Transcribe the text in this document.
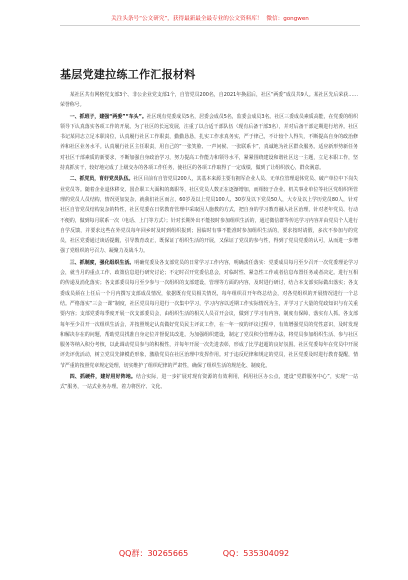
关注头条号“公文研究”，获得最新最全最专业的公文资料库！ 微信：gongwen
基层党建拉练工作汇报材料

某社区共有网格党支部3个、非公企业党支部1个，自管党员200名，自2021年换届后，社区“两委”成员共9人。某社区先后荣获……荣誉称号。

一、抓班子，建强“两委”“车头”。社区现有党委成员5名，居委会成员5名，监委会成员3名。社区三委成员素质高能，在党委的组织领导下认真落实各项工作的开展。为了社区的长远发展，注重了以合适干部队伍（现有后备干部3名），并对后备干部定期进行培养。社区书记某同志立足本职岗位，认真履行社区工作职责，勤勤恳恳，扎实工作求真务实，严于律己，不计较个人得失，不断提高自身的政治修养和社区业务水平。认真履行社区主任职责，用自己的“一张笑脸、一声问候、一张联系卡”，真诚地为社区群众服务。适应新形势新任务对社区干部素质的新要求，不断加强自身政治学习，努力提高工作能力和领导水平，紧紧围绕建设和谐社区这一主题，立足本职工作，坚持真抓实干，较好地完成了上级交办的各项工作任务，使社区的各项工作取得了一定成绩，做到了让组织放心，群众满意。

二、抓党员，育好党员队伍。社区目前有自管党员200人，其基本来源主要有拥军企业人员、无单位管理退休党员、破产单位中下岗失业党员等。随着企业退休移交、国企职工大面积的离职等，社区党员人数正在逐渐增加，而相较于企业、机关事业单位等社区党组织所管理的党员人员结构，情况更加复杂，就我们社区而言，60岁及以上党员100人，30岁及以下党员50人，大专及以上学历党员80人，针对社区自管党员结构复杂的特性，社区党委在日常教育管理中采取因人施教的方式，把自身的学习教育融入社区治理，针对老年党员、行动不便的，做到每月联系一次（电话、上门等方式）；针对长期外出不能按时参加组织生活的，通过微信群等传达学习内容并由党员个人进行自学反馈，并要求这些在外党员每年回乡时及时到组织报到；因临时有事不能准时参加组织生活的，要求按时请假，多次不参加与的党员，社区党委通过谈话提醒，引导教育改正，既保证了组织生活的开展，又保证了党员的参与性，得到了党员党委的认可，从而进一步增强了党组织的号召力、凝聚力及战斗力。

三、抓制度，强化组织生活。明确党委及各支部党员的日常学习工作内容，明确责任落实：党委成员每月至少召开一次党委理论学习会，就当月的重点工作、政策信息进行研究讨论；不定时召开党委信息会，对临时性、紧急性工作或者信息布置任务或者决定。进行互相的传递及消化落实；各支部委员每月至少参与一次组织的支部建设，管理等方面的内容，及时进行研讨，结合本支部实际做出落实；各支委成员须在上任后一个月内撰写支部成员情况，依据既有党员相关情况，每年组织召开年终总结会，对各党组织的开展情况进行一个总结。严格落实“三会一课”制度，社区党员每月进行一次集中学习，学习内容以近期工作实际情况为主，并学习了大量的党政知识与有关重要内容；支部党委每季度开展一次支部委员会，由组织生活的相关人员召开会议，做到了学习有内容，制度有保障，落实有人抓。各支部每年至少召开一次组织生活会，并按照规定认真做好党员民主评议工作，在一年一度的评议过程中，有效增强党员的党性意识，及时发现和解决存在的问题，帮助党员找准自身定位并督促其改进。为加强组织建设，制定了党员积分管理办法，将党员参加组织生活、参与社区服务等纳入积分考核，以此调动党员参与的积极性，并每年开展一次先进表彰，形成了比学赶超的良好氛围。社区党委每年在党员中开展评先评优活动，树立党员先锋模范形象，激励党员在社区治理中发挥作用。对于违反纪律和规定的党员，社区党委及时进行教育提醒，情节严重的按照党章规定处理，切实维护了组织纪律的严肃性，确保了组织生活的规范化、制度化。

四、抓硬件，建好用好阵地。结合实际，进一步扩展对现有资源的有效利用，利用社区办公点，建设“党群服务中心”，实现“一站式”服务，一站式业务办理。着力将医疗、文化、

QQ群：30265665	QQ：535304092
